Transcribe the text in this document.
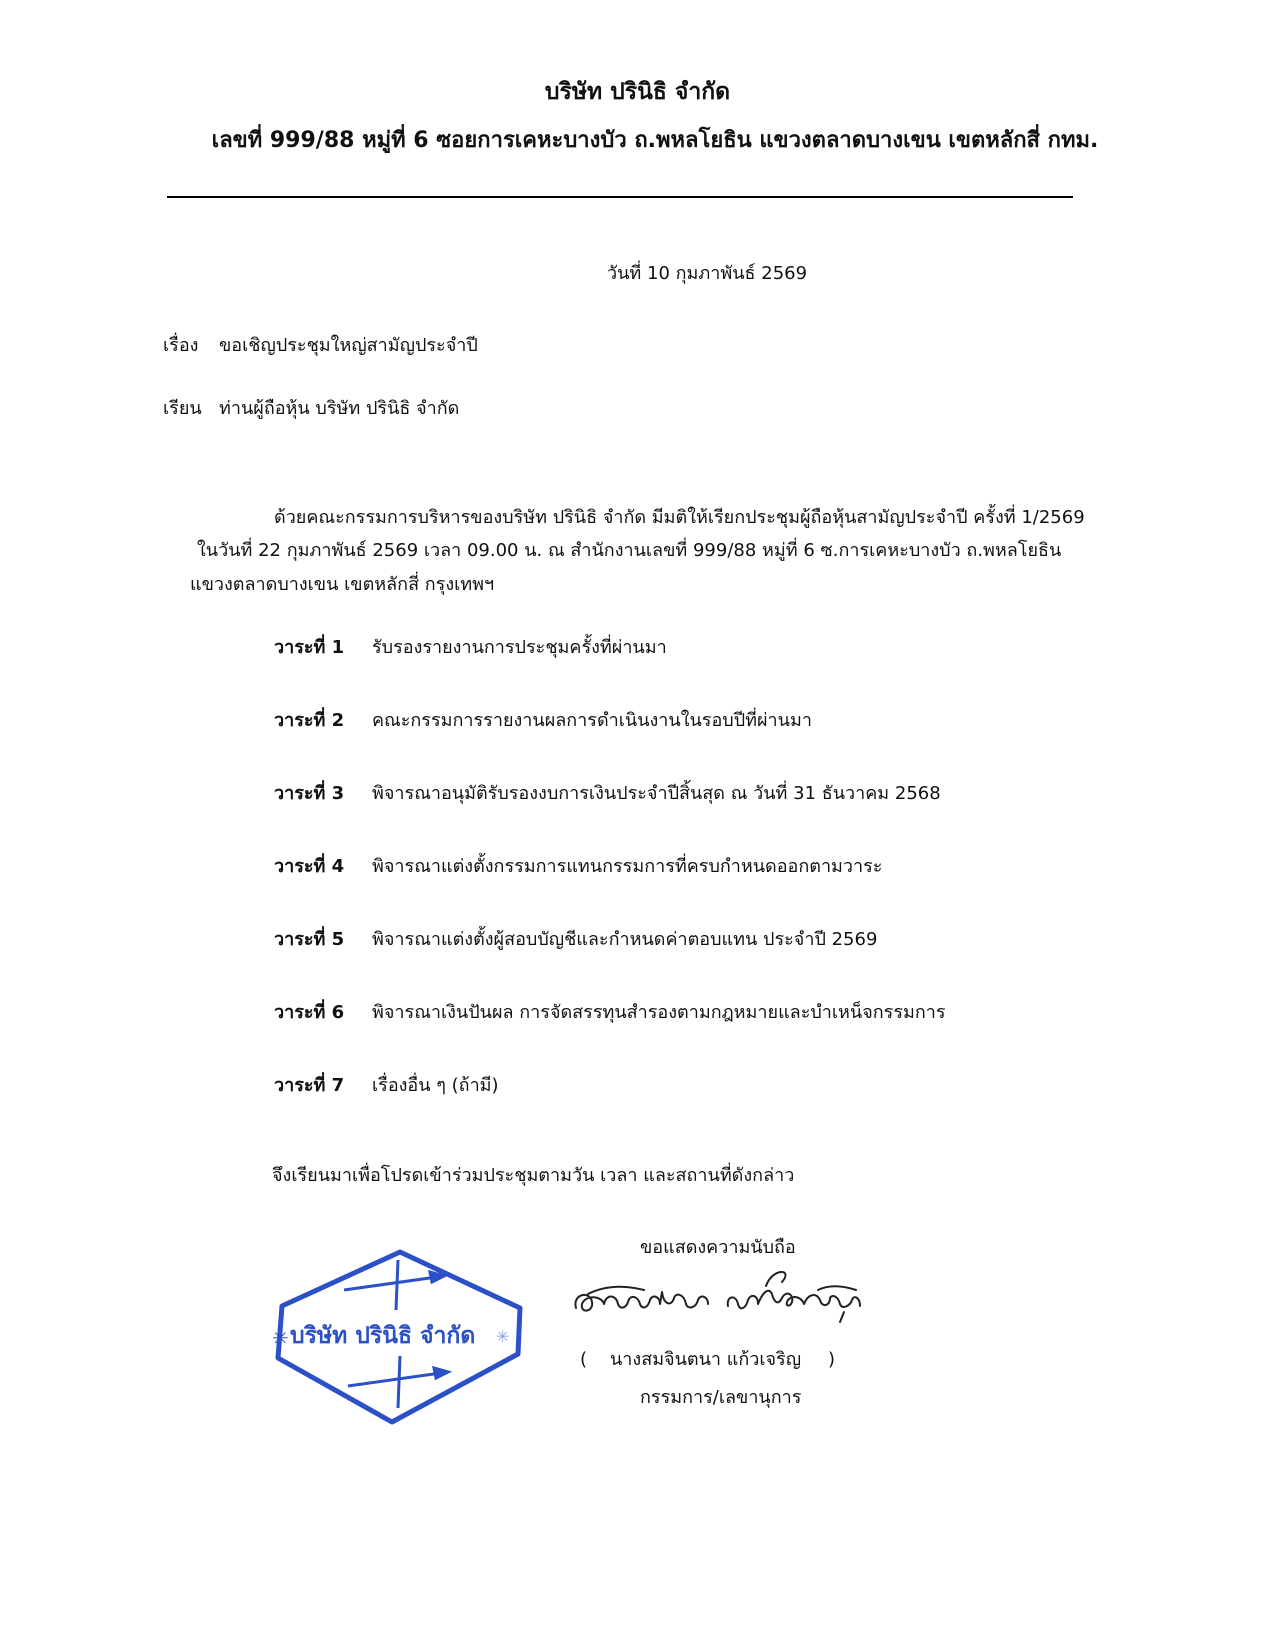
บริษัท ปรินิธิ จำกัด
เลขที่ 999/88 หมู่ที่ 6 ซอยการเคหะบางบัว ถ.พหลโยธิน แขวงตลาดบางเขน เขตหลักสี่ กทม.
วันที่ 10 กุมภาพันธ์ 2569
เรื่อง ขอเชิญประชุมใหญ่สามัญประจำปี
เรียน ท่านผู้ถือหุ้น บริษัท ปรินิธิ จำกัด
ด้วยคณะกรรมการบริหารของบริษัท ปรินิธิ จำกัด มีมติให้เรียกประชุมผู้ถือหุ้นสามัญประจำปี ครั้งที่ 1/2569
ในวันที่ 22 กุมภาพันธ์ 2569 เวลา 09.00 น. ณ สำนักงานเลขที่ 999/88 หมู่ที่ 6 ซ.การเคหะบางบัว ถ.พหลโยธิน
แขวงตลาดบางเขน เขตหลักสี่ กรุงเทพฯ
วาระที่ 1 รับรองรายงานการประชุมครั้งที่ผ่านมา
วาระที่ 2 คณะกรรมการรายงานผลการดำเนินงานในรอบปีที่ผ่านมา
วาระที่ 3 พิจารณาอนุมัติรับรองงบการเงินประจำปีสิ้นสุด ณ วันที่ 31 ธันวาคม 2568
วาระที่ 4 พิจารณาแต่งตั้งกรรมการแทนกรรมการที่ครบกำหนดออกตามวาระ
วาระที่ 5 พิจารณาแต่งตั้งผู้สอบบัญชีและกำหนดค่าตอบแทน ประจำปี 2569
วาระที่ 6 พิจารณาเงินปันผล การจัดสรรทุนสำรองตามกฎหมายและบำเหน็จกรรมการ
วาระที่ 7 เรื่องอื่น ๆ (ถ้ามี)
จึงเรียนมาเพื่อโปรดเข้าร่วมประชุมตามวัน เวลา และสถานที่ดังกล่าว
ขอแสดงความนับถือ
บริษัท ปรินิธิ จำกัด
✳	✳
( นางสมจินตนา แก้วเจริญ )
กรรมการ/เลขานุการ
